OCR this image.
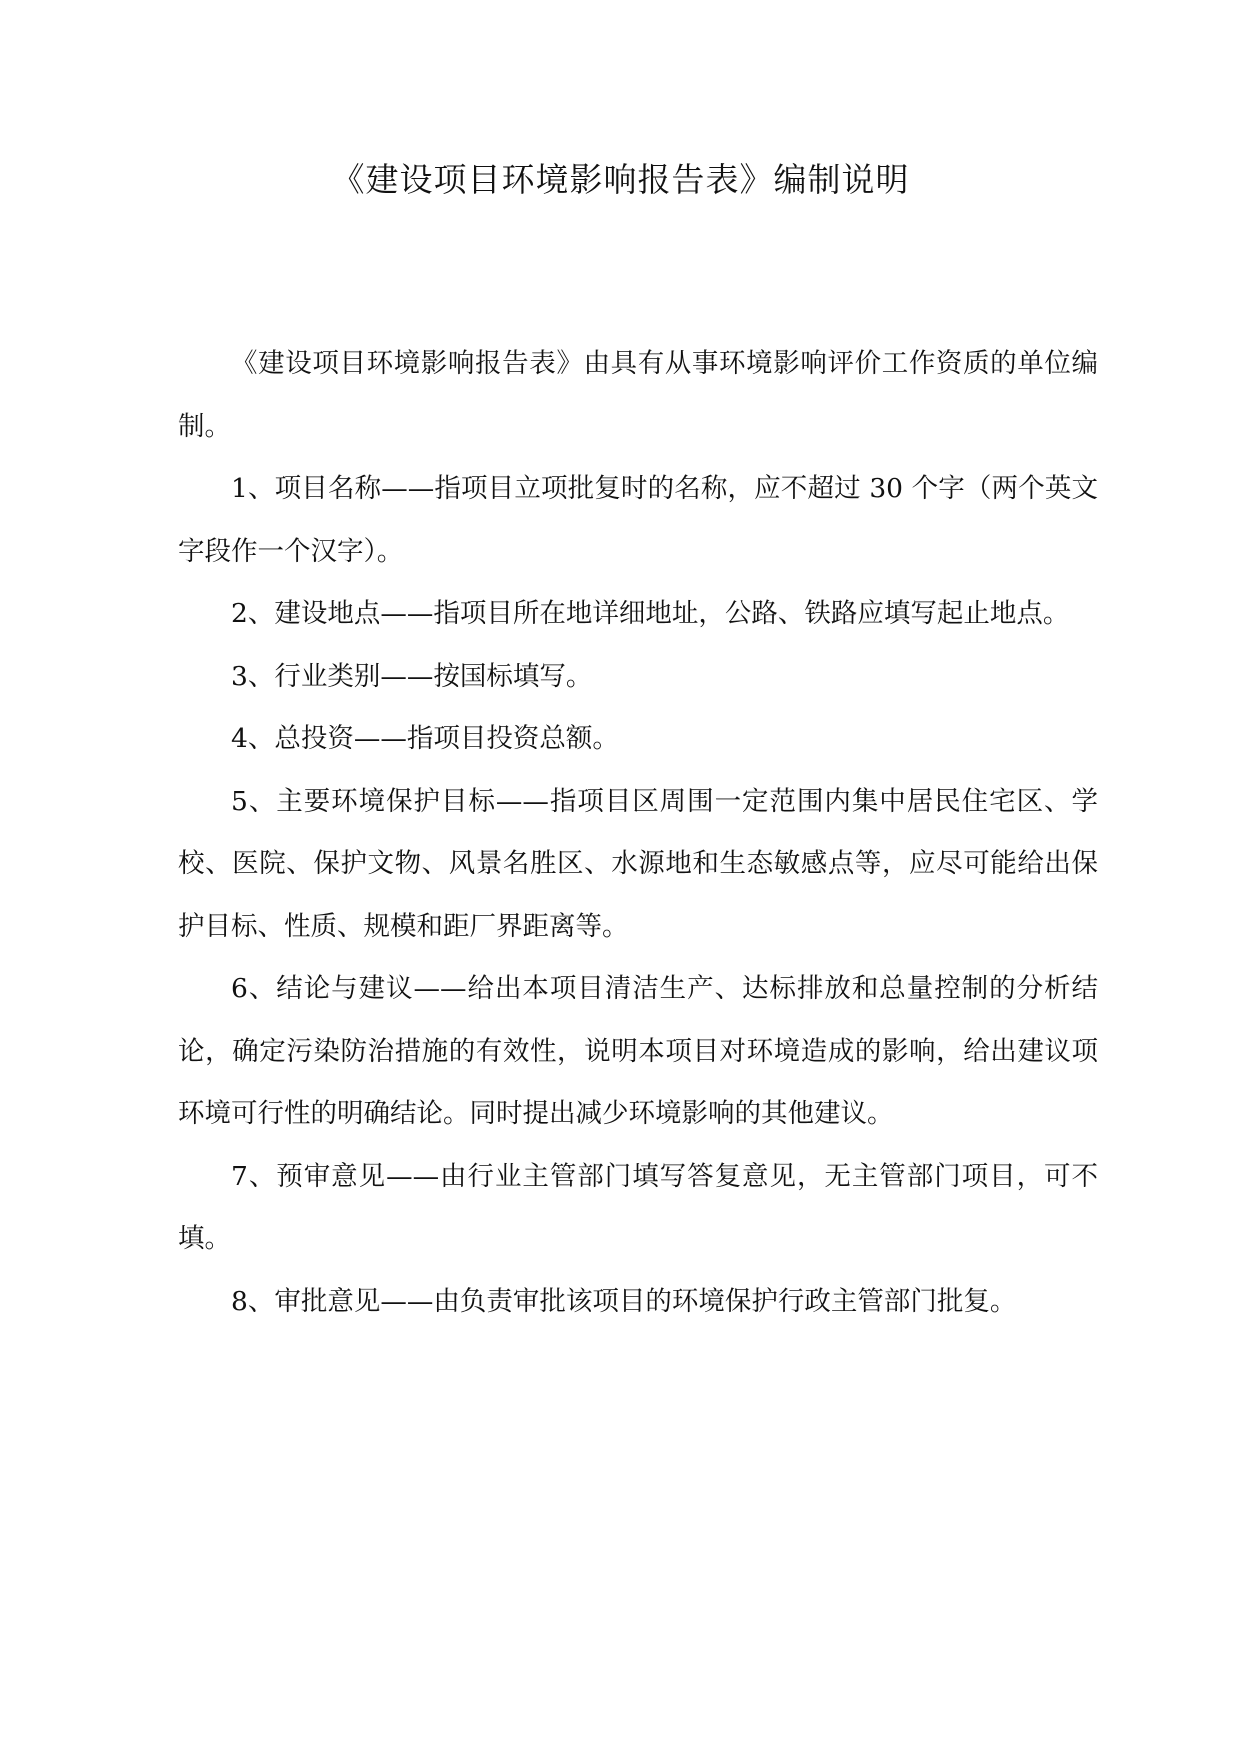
《建设项目环境影响报告表》编制说明

《建设项目环境影响报告表》由具有从事环境影响评价工作资质的单位编制。

1、项目名称——指项目立项批复时的名称，应不超过 30 个字（两个英文字段作一个汉字）。

2、建设地点——指项目所在地详细地址，公路、铁路应填写起止地点。

3、行业类别——按国标填写。

4、总投资——指项目投资总额。

5、主要环境保护目标——指项目区周围一定范围内集中居民住宅区、学校、医院、保护文物、风景名胜区、水源地和生态敏感点等，应尽可能给出保护目标、性质、规模和距厂界距离等。

6、结论与建议——给出本项目清洁生产、达标排放和总量控制的分析结论，确定污染防治措施的有效性，说明本项目对环境造成的影响，给出建议项环境可行性的明确结论。同时提出减少环境影响的其他建议。

7、预审意见——由行业主管部门填写答复意见，无主管部门项目，可不填。

8、审批意见——由负责审批该项目的环境保护行政主管部门批复。
